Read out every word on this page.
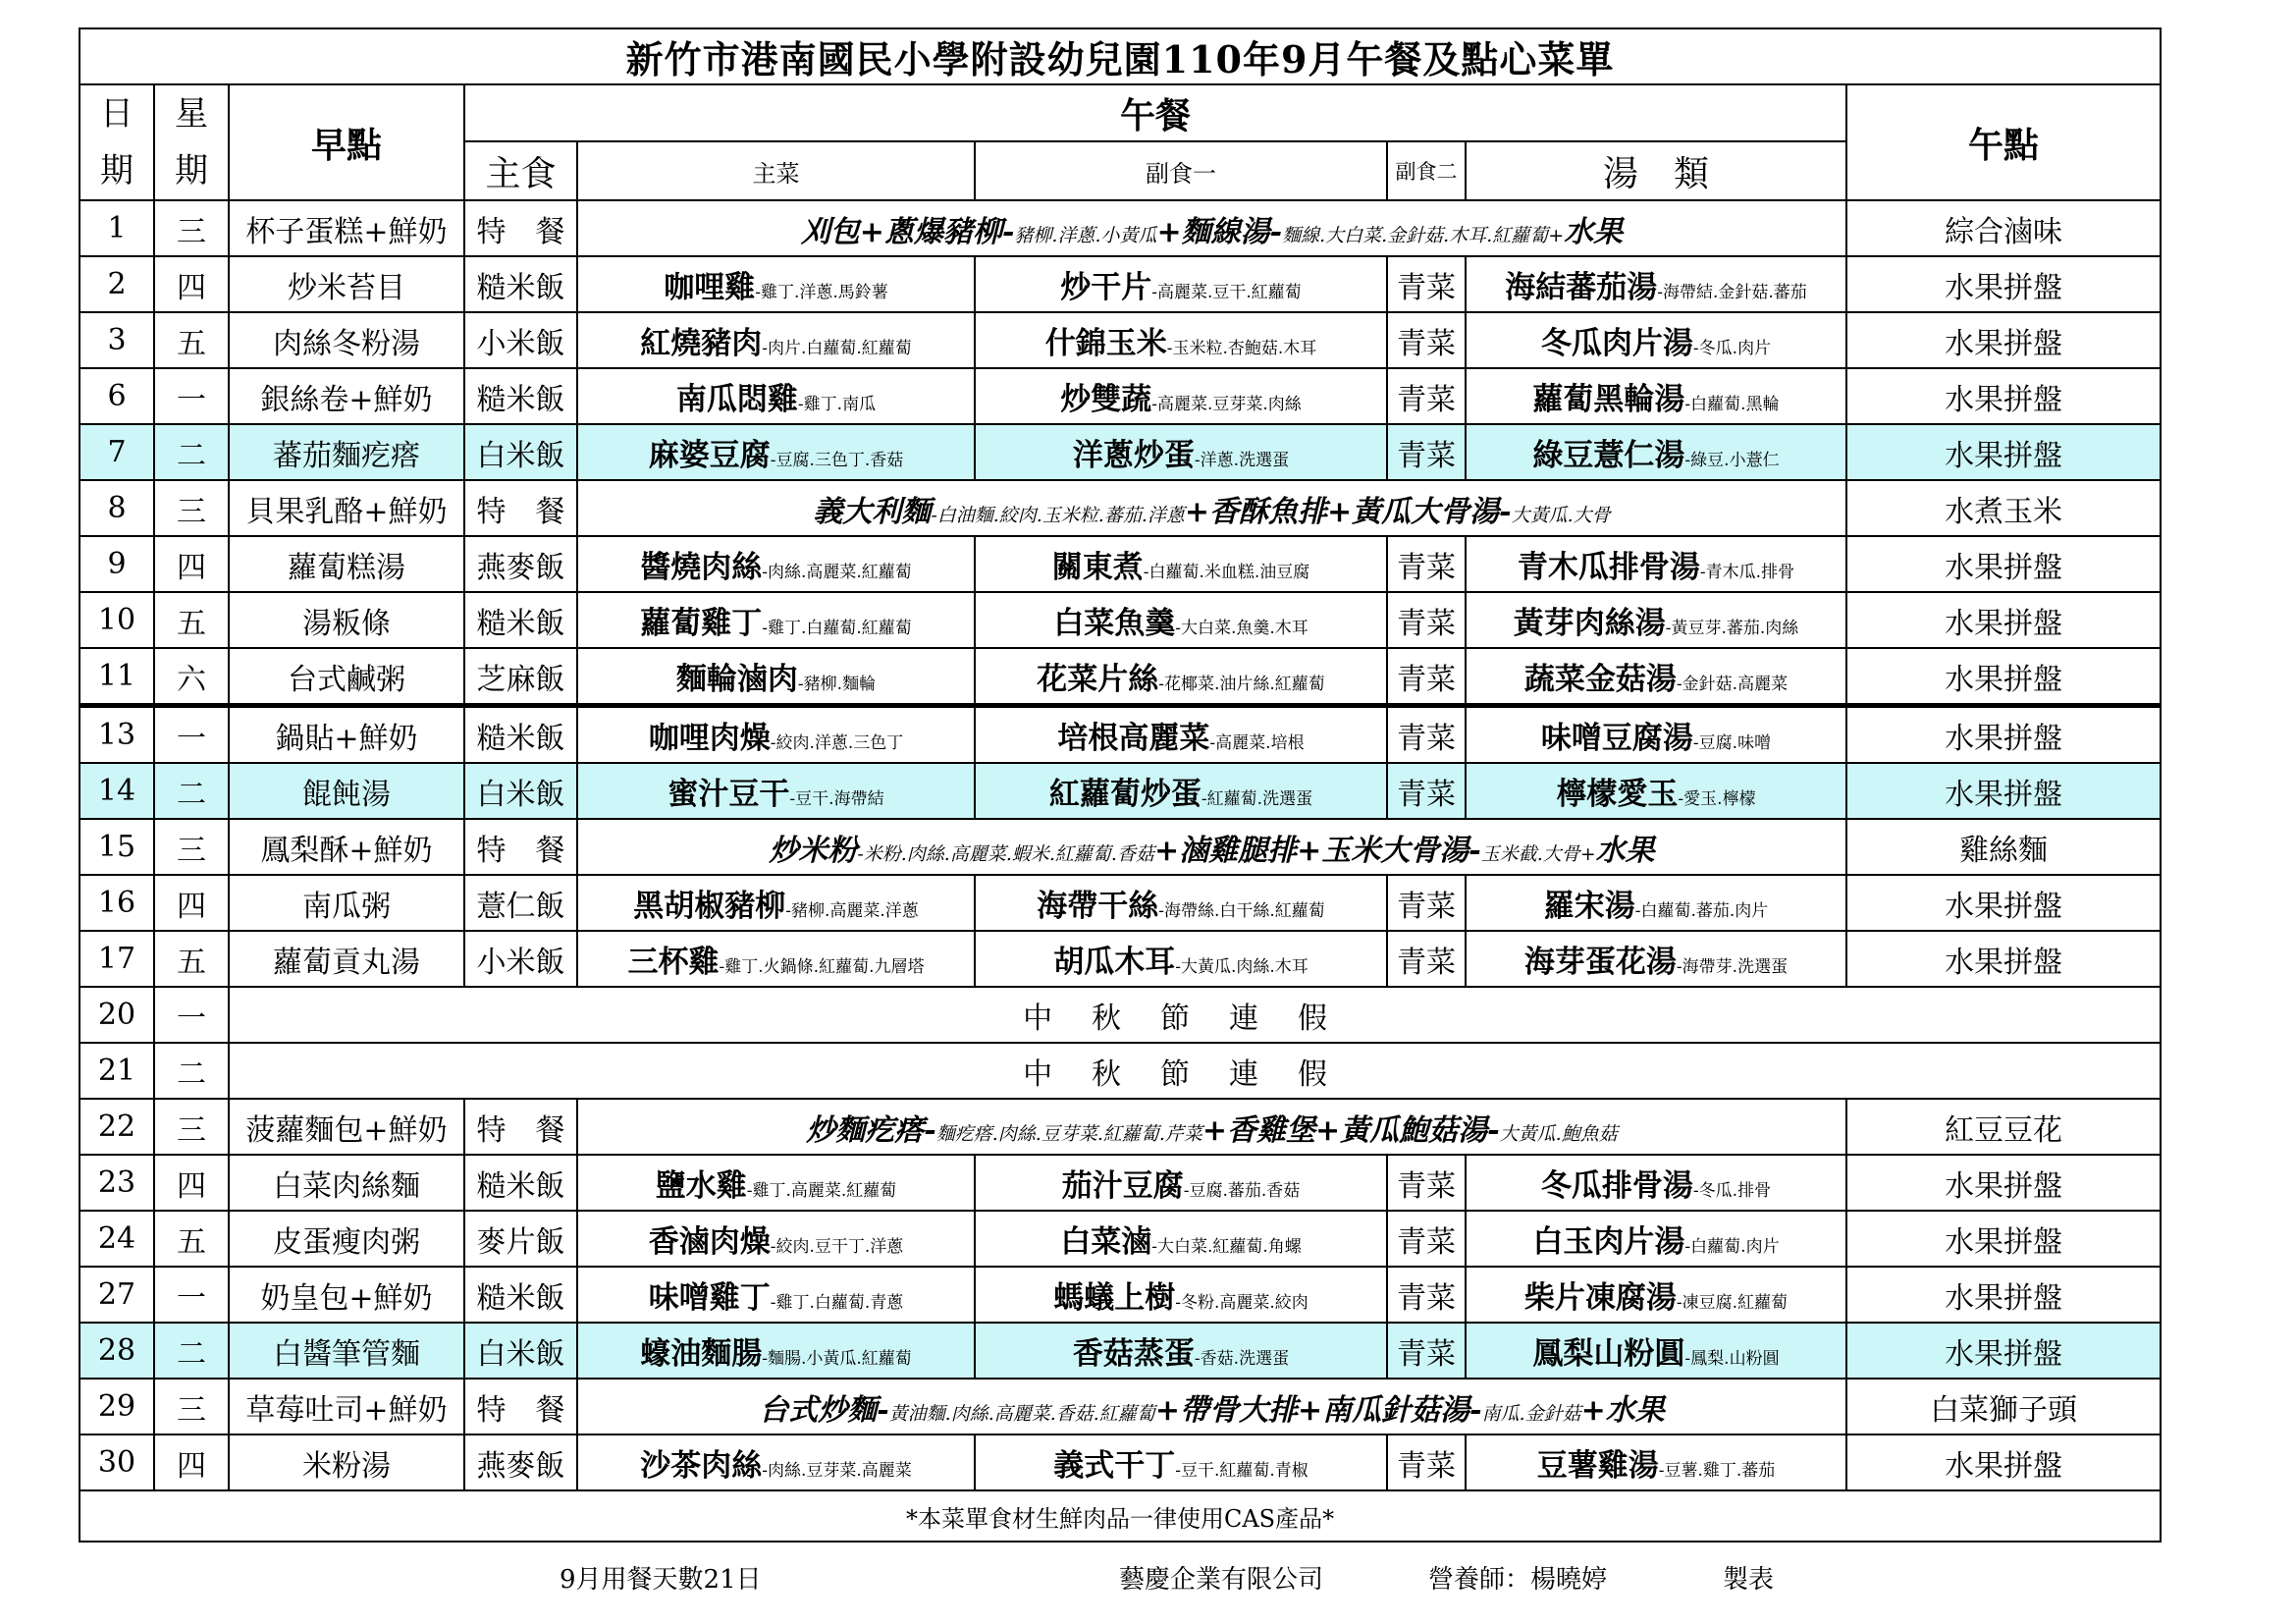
新竹市港南國民小學附設幼兒園110年9月午餐及點心菜單								
日
期	星
期	早點	午餐					午點
			主食	主菜	副食一	副食二	湯　類	
1	三	杯子蛋糕+鮮奶	特　餐	刈包+蔥爆豬柳-豬柳.洋蔥.小黃瓜+麵線湯-麵線.大白菜.金針菇.木耳.紅蘿蔔+水果				綜合滷味
2	四	炒米苔目	糙米飯	咖哩雞-雞丁.洋蔥.馬鈴薯	炒干片-高麗菜.豆干.紅蘿蔔	青菜	海結蕃茄湯-海帶結.金針菇.蕃茄	水果拼盤
3	五	肉絲冬粉湯	小米飯	紅燒豬肉-肉片.白蘿蔔.紅蘿蔔	什錦玉米-玉米粒.杏鮑菇.木耳	青菜	冬瓜肉片湯-冬瓜.肉片	水果拼盤
6	一	銀絲卷+鮮奶	糙米飯	南瓜悶雞-雞丁.南瓜	炒雙蔬-高麗菜.豆芽菜.肉絲	青菜	蘿蔔黑輪湯-白蘿蔔.黑輪	水果拼盤
7	二	蕃茄麵疙瘩	白米飯	麻婆豆腐-豆腐.三色丁.香菇	洋蔥炒蛋-洋蔥.洗選蛋	青菜	綠豆薏仁湯-綠豆.小薏仁	水果拼盤
8	三	貝果乳酪+鮮奶	特　餐	義大利麵-白油麵.絞肉.玉米粒.蕃茄.洋蔥+香酥魚排+黃瓜大骨湯-大黃瓜.大骨				水煮玉米
9	四	蘿蔔糕湯	燕麥飯	醬燒肉絲-肉絲.高麗菜.紅蘿蔔	關東煮-白蘿蔔.米血糕.油豆腐	青菜	青木瓜排骨湯-青木瓜.排骨	水果拼盤
10	五	湯粄條	糙米飯	蘿蔔雞丁-雞丁.白蘿蔔.紅蘿蔔	白菜魚羹-大白菜.魚羹.木耳	青菜	黃芽肉絲湯-黃豆芽.蕃茄.肉絲	水果拼盤
11	六	台式鹹粥	芝麻飯	麵輪滷肉-豬柳.麵輪	花菜片絲-花椰菜.油片絲.紅蘿蔔	青菜	蔬菜金菇湯-金針菇.高麗菜	水果拼盤
13	一	鍋貼+鮮奶	糙米飯	咖哩肉燥-絞肉.洋蔥.三色丁	培根高麗菜-高麗菜.培根	青菜	味噌豆腐湯-豆腐.味噌	水果拼盤
14	二	餛飩湯	白米飯	蜜汁豆干-豆干.海帶結	紅蘿蔔炒蛋-紅蘿蔔.洗選蛋	青菜	檸檬愛玉-愛玉.檸檬	水果拼盤
15	三	鳳梨酥+鮮奶	特　餐	炒米粉-米粉.肉絲.高麗菜.蝦米.紅蘿蔔.香菇+滷雞腿排+玉米大骨湯-玉米截.大骨+水果				雞絲麵
16	四	南瓜粥	薏仁飯	黑胡椒豬柳-豬柳.高麗菜.洋蔥	海帶干絲-海帶絲.白干絲.紅蘿蔔	青菜	羅宋湯-白蘿蔔.蕃茄.肉片	水果拼盤
17	五	蘿蔔貢丸湯	小米飯	三杯雞-雞丁.火鍋條.紅蘿蔔.九層塔	胡瓜木耳-大黃瓜.肉絲.木耳	青菜	海芽蛋花湯-海帶芽.洗選蛋	水果拼盤
20	一	中秋節連假						
21	二	中秋節連假						
22	三	菠蘿麵包+鮮奶	特　餐	炒麵疙瘩-麵疙瘩.肉絲.豆芽菜.紅蘿蔔.芹菜+香雞堡+黃瓜鮑菇湯-大黃瓜.鮑魚菇				紅豆豆花
23	四	白菜肉絲麵	糙米飯	鹽水雞-雞丁.高麗菜.紅蘿蔔	茄汁豆腐-豆腐.蕃茄.香菇	青菜	冬瓜排骨湯-冬瓜.排骨	水果拼盤
24	五	皮蛋瘦肉粥	麥片飯	香滷肉燥-絞肉.豆干丁.洋蔥	白菜滷-大白菜.紅蘿蔔.角螺	青菜	白玉肉片湯-白蘿蔔.肉片	水果拼盤
27	一	奶皇包+鮮奶	糙米飯	味噌雞丁-雞丁.白蘿蔔.青蔥	螞蟻上樹-冬粉.高麗菜.絞肉	青菜	柴片凍腐湯-凍豆腐.紅蘿蔔	水果拼盤
28	二	白醬筆管麵	白米飯	蠔油麵腸-麵腸.小黃瓜.紅蘿蔔	香菇蒸蛋-香菇.洗選蛋	青菜	鳳梨山粉圓-鳳梨.山粉圓	水果拼盤
29	三	草莓吐司+鮮奶	特　餐	台式炒麵-黃油麵.肉絲.高麗菜.香菇.紅蘿蔔+帶骨大排+南瓜針菇湯-南瓜.金針菇+水果				白菜獅子頭
30	四	米粉湯	燕麥飯	沙茶肉絲-肉絲.豆芽菜.高麗菜	義式干丁-豆干.紅蘿蔔.青椒	青菜	豆薯雞湯-豆薯.雞丁.蕃茄	水果拼盤
*本菜單食材生鮮肉品一律使用CAS產品*								
9月用餐天數21日	藝慶企業有限公司	營養師：楊曉婷	製表
